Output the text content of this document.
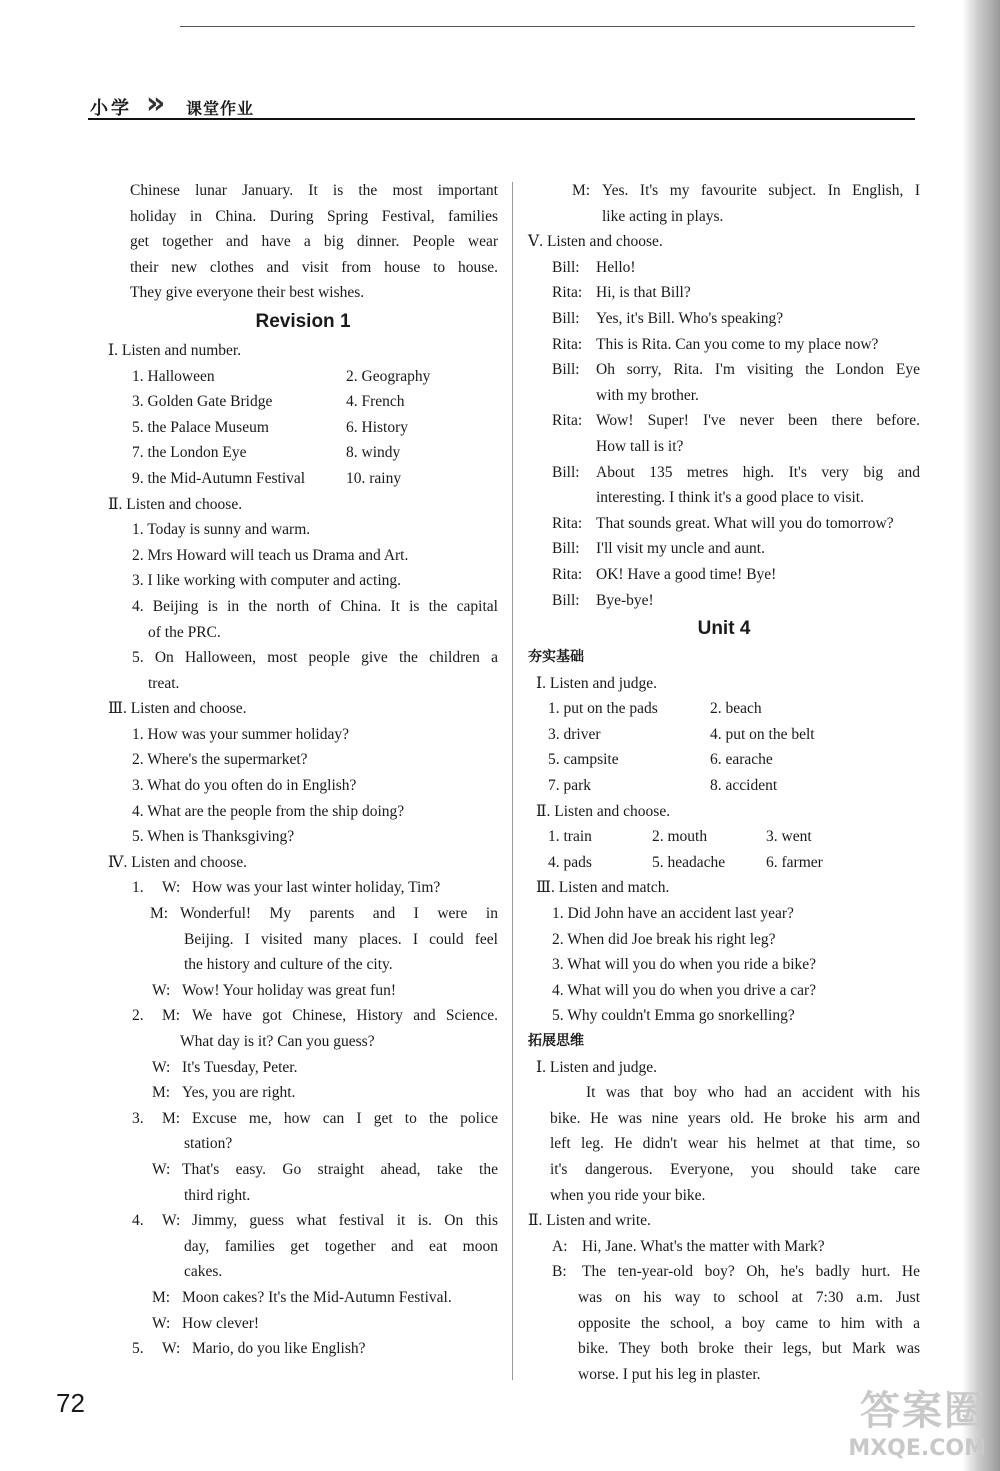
小学 » 课堂作业
Chinese lunar January. It is the most important
holiday in China. During Spring Festival, families
get together and have a big dinner. People wear
their new clothes and visit from house to house.
They give everyone their best wishes.
Revision 1
Ⅰ. Listen and number.
1. Halloween	2. Geography
3. Golden Gate Bridge	4. French
5. the Palace Museum	6. History
7. the London Eye	8. windy
9. the Mid-Autumn Festival	10. rainy
Ⅱ. Listen and choose.
1. Today is sunny and warm.
2. Mrs Howard will teach us Drama and Art.
3. I like working with computer and acting.
4. Beijing is in the north of China. It is the capital
of the PRC.
5. On Halloween, most people give the children a
treat.
Ⅲ. Listen and choose.
1. How was your summer holiday?
2. Where's the supermarket?
3. What do you often do in English?
4. What are the people from the ship doing?
5. When is Thanksgiving?
Ⅳ. Listen and choose.
1.	W: How was your last winter holiday, Tim?
M: Wonderful! My parents and I were in
Beijing. I visited many places. I could feel
the history and culture of the city.
W: Wow! Your holiday was great fun!
2.	M: We have got Chinese, History and Science.
What day is it? Can you guess?
W: It's Tuesday, Peter.
M: Yes, you are right.
3.	M: Excuse me, how can I get to the police
station?
W: That's easy. Go straight ahead, take the
third right.
4.	W: Jimmy, guess what festival it is. On this
day, families get together and eat moon
cakes.
M: Moon cakes? It's the Mid-Autumn Festival.
W: How clever!
5.	W: Mario, do you like English?
M: Yes. It's my favourite subject. In English, I
like acting in plays.
Ⅴ. Listen and choose.
Bill:	Hello!
Rita: Hi, is that Bill?
Bill:	Yes, it's Bill. Who's speaking?
Rita: This is Rita. Can you come to my place now?
Bill:	Oh sorry, Rita. I'm visiting the London Eye
with my brother.
Rita: Wow! Super! I've never been there before.
How tall is it?
Bill:	About 135 metres high. It's very big and
interesting. I think it's a good place to visit.
Rita: That sounds great. What will you do tomorrow?
Bill:	I'll visit my uncle and aunt.
Rita: OK! Have a good time! Bye!
Bill:	Bye-bye!
Unit 4
夯实基础
Ⅰ. Listen and judge.
1. put on the pads	2. beach
3. driver	4. put on the belt
5. campsite	6. earache
7. park	8. accident
Ⅱ. Listen and choose.
1. train	2. mouth	3. went
4. pads	5. headache	6. farmer
Ⅲ. Listen and match.
1. Did John have an accident last year?
2. When did Joe break his right leg?
3. What will you do when you ride a bike?
4. What will you do when you drive a car?
5. Why couldn't Emma go snorkelling?
拓展思维
Ⅰ. Listen and judge.
It was that boy who had an accident with his
bike. He was nine years old. He broke his arm and
left leg. He didn't wear his helmet at that time, so
it's dangerous. Everyone, you should take care
when you ride your bike.
Ⅱ. Listen and write.
A: Hi, Jane. What's the matter with Mark?
B: The ten-year-old boy? Oh, he's badly hurt. He
was on his way to school at 7:30 a.m. Just
opposite the school, a boy came to him with a
bike. They both broke their legs, but Mark was
worse. I put his leg in plaster.
72	答案圈
MXQE.COM
